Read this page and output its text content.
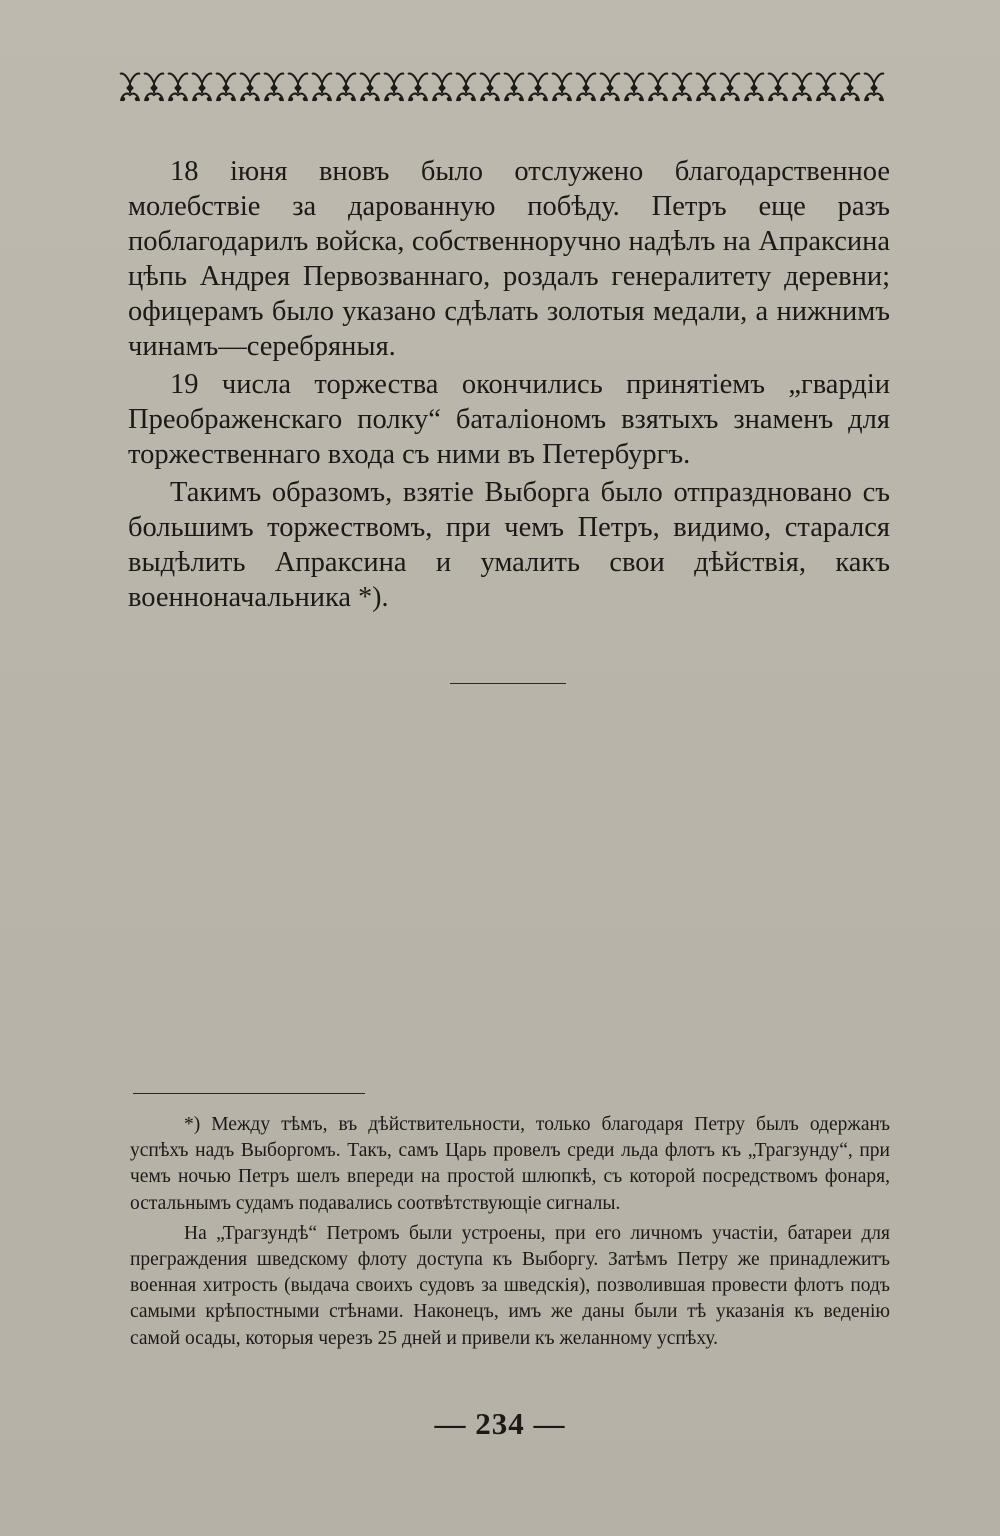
18 іюня вновъ было отслужено благодарственное молебствіе за дарованную побѣду. Петръ еще разъ поблагодарилъ войска, собственноручно надѣлъ на Апраксина цѣпь Андрея Первозваннаго, роздалъ генералитету деревни; офицерамъ было указано сдѣлать золотыя медали, а нижнимъ чинамъ—серебряныя.

19 числа торжества окончились принятіемъ „гвардіи Преображенскаго полку“ баталіономъ взятыхъ знаменъ для торжественнаго входа съ ними въ Петербургъ.

Такимъ образомъ, взятіе Выборга было отпраздновано съ большимъ торжествомъ, при чемъ Петръ, видимо, старался выдѣлить Апраксина и умалить свои дѣйствія, какъ военноначальника *).

*) Между тѣмъ, въ дѣйствительности, только благодаря Петру былъ одержанъ успѣхъ надъ Выборгомъ. Такъ, самъ Царь провелъ среди льда флотъ къ „Трагзунду“, при чемъ ночью Петръ шелъ впереди на простой шлюпкѣ, съ которой посредствомъ фонаря, остальнымъ судамъ подавались соотвѣтствующіе сигналы.

На „Трагзундѣ“ Петромъ были устроены, при его личномъ участіи, батареи для преграждения шведскому флоту доступа къ Выборгу. Затѣмъ Петру же принадлежитъ военная хитрость (выдача своихъ судовъ за шведскія), позволившая провести флотъ подъ самыми крѣпостными стѣнами. Наконецъ, имъ же даны были тѣ указанія къ веденію самой осады, которыя черезъ 25 дней и привели къ желанному успѣху.

— 234 —
